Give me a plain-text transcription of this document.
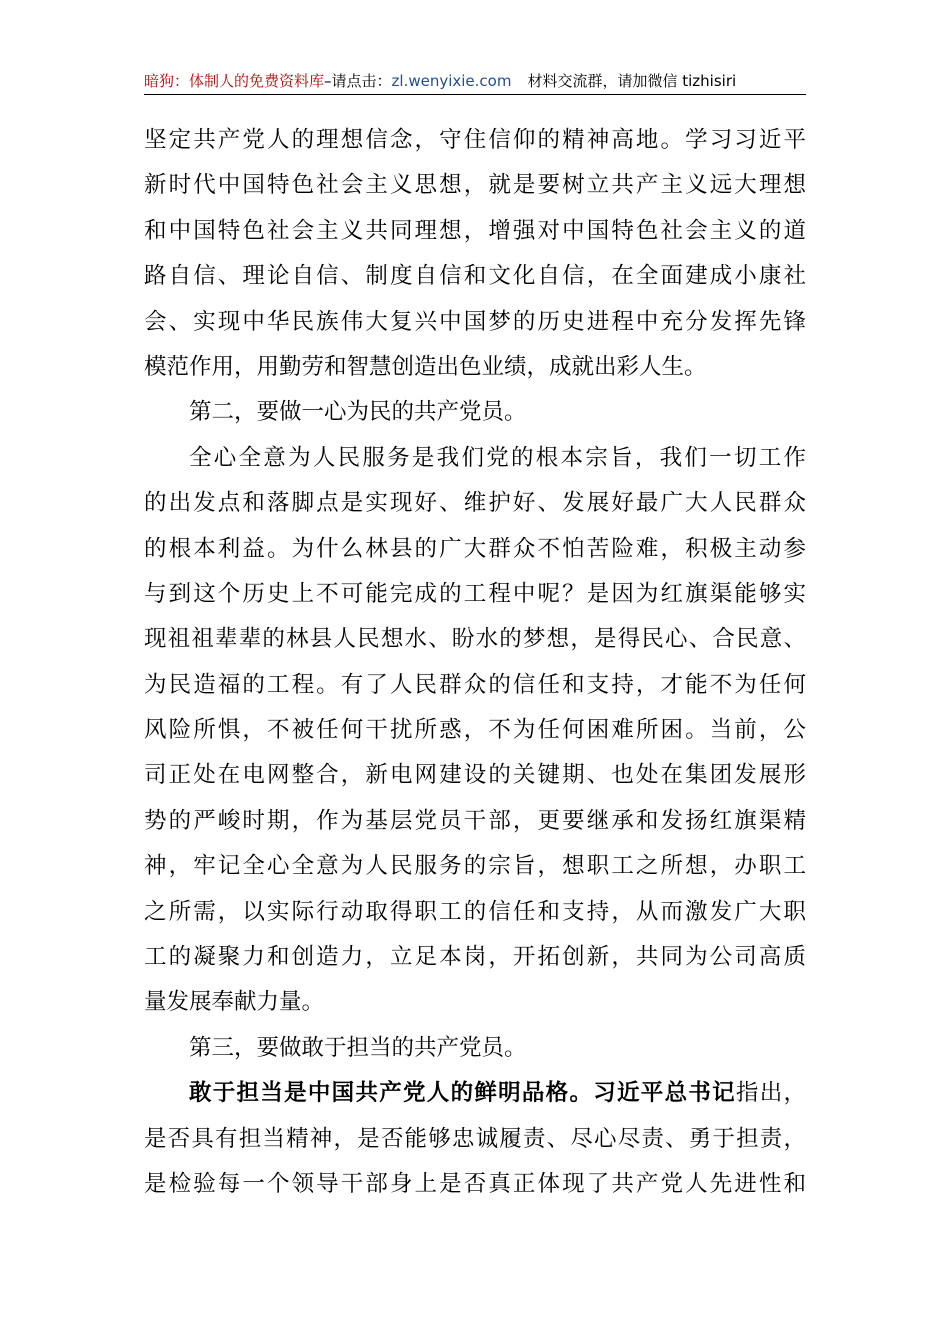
暗狗：体制人的免费资料库–请点击：zl.wenyixie.com 材料交流群，请加微信 tizhisiri
坚定共产党人的理想信念，守住信仰的精神高地。学习习近平
新时代中国特色社会主义思想，就是要树立共产主义远大理想
和中国特色社会主义共同理想，增强对中国特色社会主义的道
路自信、理论自信、制度自信和文化自信，在全面建成小康社
会、实现中华民族伟大复兴中国梦的历史进程中充分发挥先锋
模范作用，用勤劳和智慧创造出色业绩，成就出彩人生。
第二，要做一心为民的共产党员。
全心全意为人民服务是我们党的根本宗旨，我们一切工作
的出发点和落脚点是实现好、维护好、发展好最广大人民群众
的根本利益。为什么林县的广大群众不怕苦险难，积极主动参
与到这个历史上不可能完成的工程中呢？是因为红旗渠能够实
现祖祖辈辈的林县人民想水、盼水的梦想，是得民心、合民意、
为民造福的工程。有了人民群众的信任和支持，才能不为任何
风险所惧，不被任何干扰所惑，不为任何困难所困。当前，公
司正处在电网整合，新电网建设的关键期、也处在集团发展形
势的严峻时期，作为基层党员干部，更要继承和发扬红旗渠精
神，牢记全心全意为人民服务的宗旨，想职工之所想，办职工
之所需，以实际行动取得职工的信任和支持，从而激发广大职
工的凝聚力和创造力，立足本岗，开拓创新，共同为公司高质
量发展奉献力量。
第三，要做敢于担当的共产党员。
敢于担当是中国共产党人的鲜明品格。习近平总书记指出，
是否具有担当精神，是否能够忠诚履责、尽心尽责、勇于担责，
是检验每一个领导干部身上是否真正体现了共产党人先进性和
